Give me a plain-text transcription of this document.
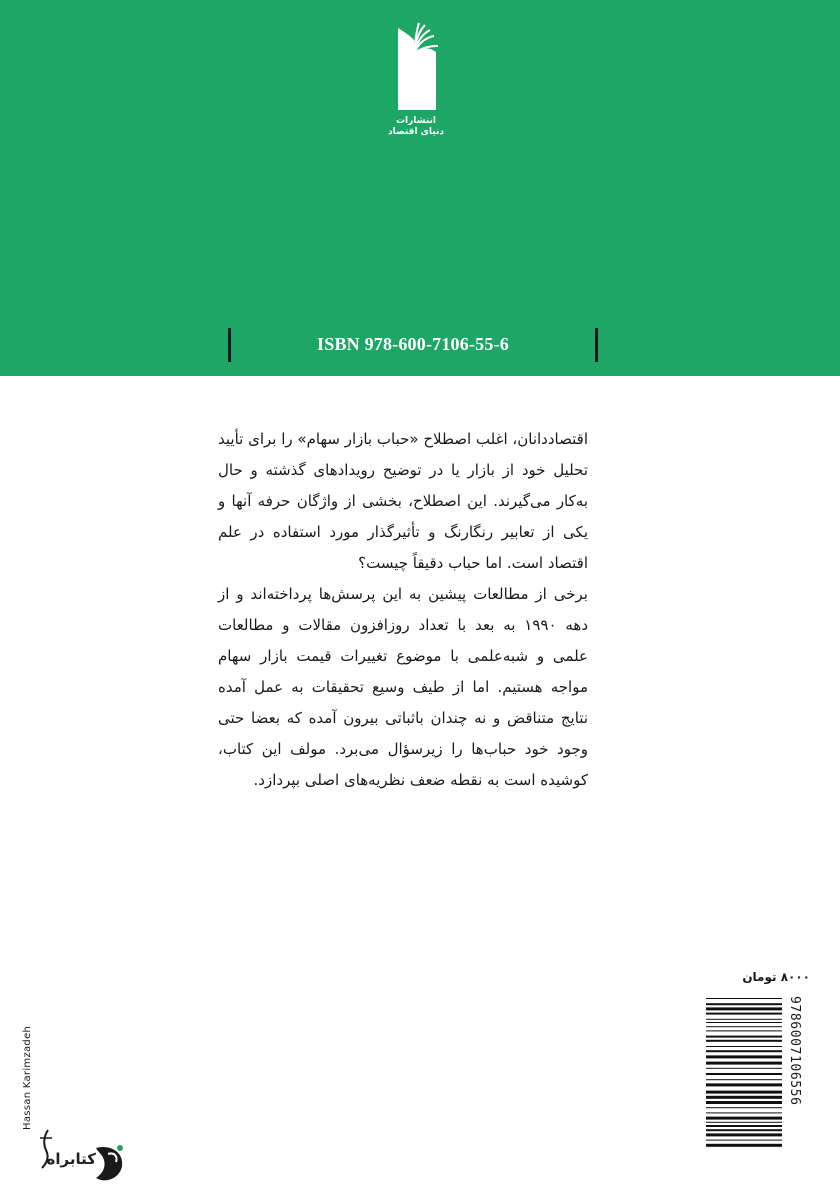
انتشارات
دنیای اقتصاد
ISBN 978-600-7106-55-6

اقتصاددانان، اغلب اصطلاح «حباب بازار سهام» را برای تأیید تحلیل خود از بازار یا در توضیح رویدادهای گذشته و حال به‌کار می‌گیرند. این اصطلاح، بخشی از واژگان حرفه آنها و یکی از تعابیر رنگارنگ و تأثیرگذار مورد استفاده در علم اقتصاد است. اما حباب دقیقاً چیست؟

برخی از مطالعات پیشین به این پرسش‌ها پرداخته‌اند و از دهه ۱۹۹۰ به بعد با تعداد روزافزون مقالات و مطالعات علمی و شبه‌علمی با موضوع تغییرات قیمت بازار سهام مواجه هستیم. اما از طیف وسیع تحقیقات به عمل آمده نتایج متناقض و نه چندان باثباتی بیرون آمده که بعضا حتی وجود خود حباب‌ها را زیرسؤال می‌برد. مولف این کتاب، کوشیده است به نقطه ضعف نظریه‌های اصلی بپردازد.

۸۰۰۰ تومان
9786007106556
Hassan Karimzadeh
کتابراه
